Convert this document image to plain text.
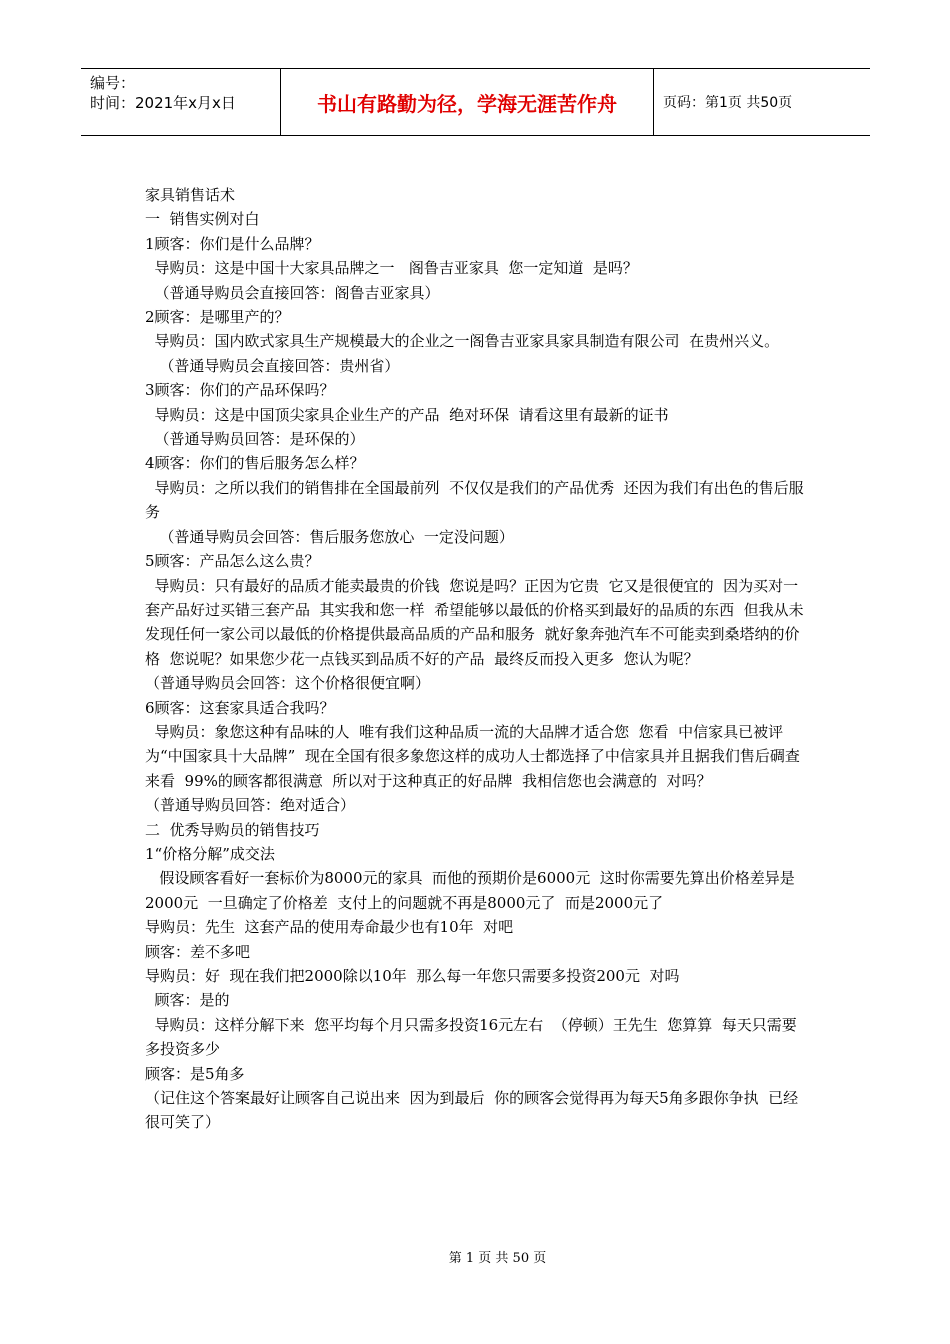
编号：
时间：2021年x月x日	书山有路勤为径，学海无涯苦作舟	页码：第1页 共50页

家具销售话术

一  销售实例对白

1顾客：你们是什么品牌？

导购员：这是中国十大家具品牌之一   阁鲁吉亚家具  您一定知道  是吗？

（普通导购员会直接回答：阁鲁吉亚家具）

2顾客：是哪里产的？

导购员：国内欧式家具生产规模最大的企业之一阁鲁吉亚家具家具制造有限公司  在贵州兴义。

（普通导购员会直接回答：贵州省）

3顾客：你们的产品环保吗？

导购员：这是中国顶尖家具企业生产的产品  绝对环保  请看这里有最新的证书

（普通导购员回答：是环保的）

4顾客：你们的售后服务怎么样？

导购员：之所以我们的销售排在全国最前列  不仅仅是我们的产品优秀  还因为我们有出色的售后服务

（普通导购员会回答：售后服务您放心  一定没问题）

5顾客：产品怎么这么贵？

导购员：只有最好的品质才能卖最贵的价钱  您说是吗？正因为它贵  它又是很便宜的  因为买对一套产品好过买错三套产品  其实我和您一样  希望能够以最低的价格买到最好的品质的东西  但我从未发现任何一家公司以最低的价格提供最高品质的产品和服务  就好象奔弛汽车不可能卖到桑塔纳的价格  您说呢？如果您少花一点钱买到品质不好的产品  最终反而投入更多  您认为呢？

（普通导购员会回答：这个价格很便宜啊）

6顾客：这套家具适合我吗？

导购员：象您这种有品味的人  唯有我们这种品质一流的大品牌才适合您  您看  中信家具已被评为“中国家具十大品牌”  现在全国有很多象您这样的成功人士都选择了中信家具并且据我们售后碉查来看  99%的顾客都很满意  所以对于这种真正的好品牌  我相信您也会满意的  对吗？

（普通导购员回答：绝对适合）

二  优秀导购员的销售技巧

1“价格分解”成交法

假设顾客看好一套标价为8000元的家具  而他的预期价是6000元  这时你需要先算出价格差异是2000元  一旦确定了价格差  支付上的问题就不再是8000元了  而是2000元了

导购员：先生  这套产品的使用寿命最少也有10年  对吧

顾客：差不多吧

导购员：好  现在我们把2000除以10年  那么每一年您只需要多投资200元  对吗

顾客：是的

导购员：这样分解下来  您平均每个月只需多投资16元左右  （停顿）王先生  您算算  每天只需要多投资多少

顾客：是5角多

（记住这个答案最好让顾客自己说出来  因为到最后  你的顾客会觉得再为每天5角多跟你争执  已经很可笑了）

第 1 页 共 50 页
